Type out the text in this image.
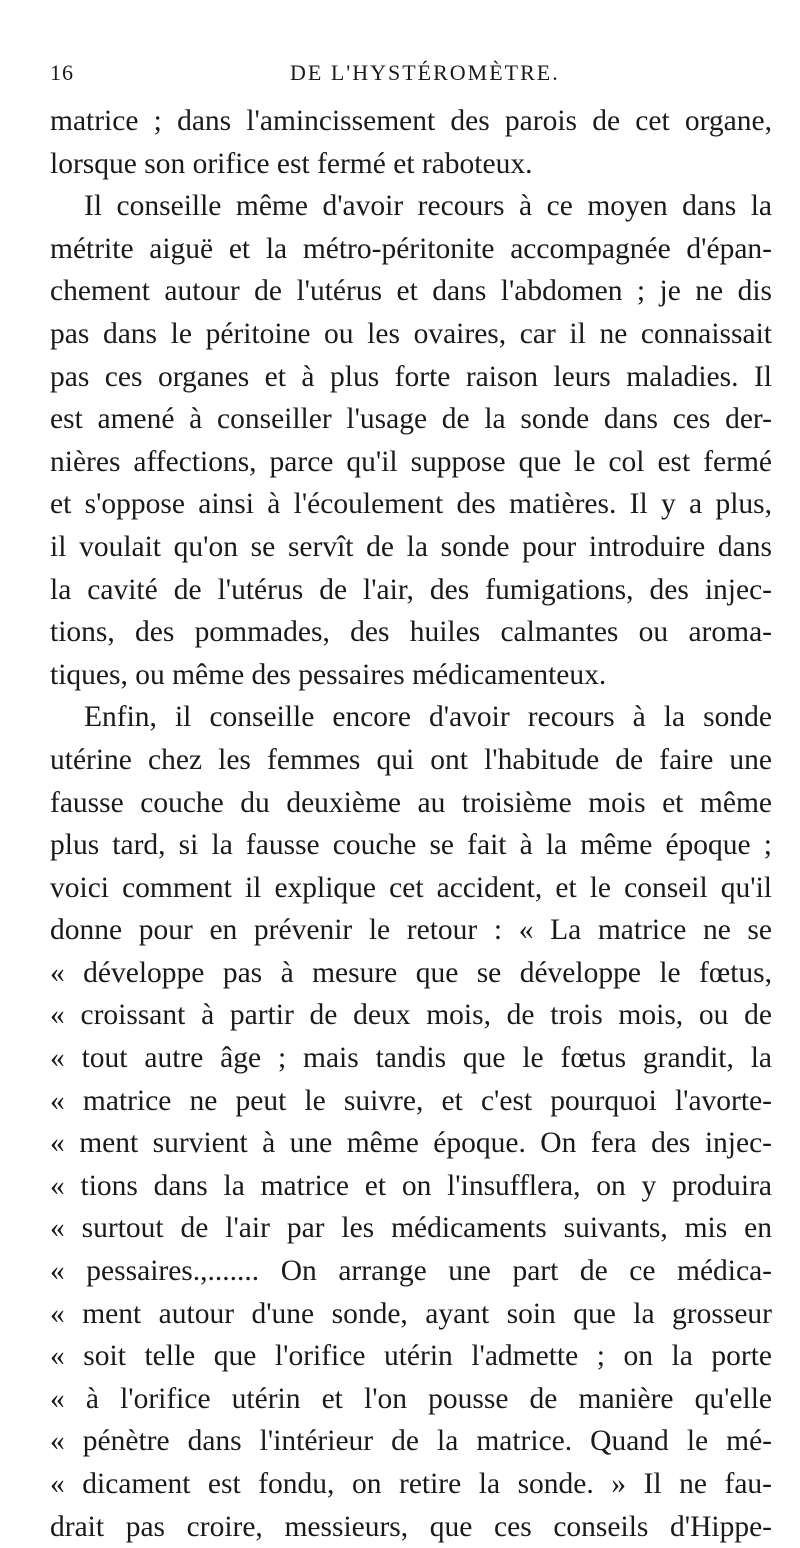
16	DE L'HYSTÉROMÈTRE.
matrice ; dans l'amincissement des parois de cet organe,
lorsque son orifice est fermé et raboteux.
Il conseille même d'avoir recours à ce moyen dans la
métrite aiguë et la métro-péritonite accompagnée d'épan-
chement autour de l'utérus et dans l'abdomen ; je ne dis
pas dans le péritoine ou les ovaires, car il ne connaissait
pas ces organes et à plus forte raison leurs maladies. Il
est amené à conseiller l'usage de la sonde dans ces der-
nières affections, parce qu'il suppose que le col est fermé
et s'oppose ainsi à l'écoulement des matières. Il y a plus,
il voulait qu'on se servît de la sonde pour introduire dans
la cavité de l'utérus de l'air, des fumigations, des injec-
tions, des pommades, des huiles calmantes ou aroma-
tiques, ou même des pessaires médicamenteux.
Enfin, il conseille encore d'avoir recours à la sonde
utérine chez les femmes qui ont l'habitude de faire une
fausse couche du deuxième au troisième mois et même
plus tard, si la fausse couche se fait à la même époque ;
voici comment il explique cet accident, et le conseil qu'il
donne pour en prévenir le retour : « La matrice ne se
« développe pas à mesure que se développe le fœtus,
« croissant à partir de deux mois, de trois mois, ou de
« tout autre âge ; mais tandis que le fœtus grandit, la
« matrice ne peut le suivre, et c'est pourquoi l'avorte-
« ment survient à une même époque. On fera des injec-
« tions dans la matrice et on l'insufflera, on y produira
« surtout de l'air par les médicaments suivants, mis en
« pessaires.,....... On arrange une part de ce médica-
« ment autour d'une sonde, ayant soin que la grosseur
« soit telle que l'orifice utérin l'admette ; on la porte
« à l'orifice utérin et l'on pousse de manière qu'elle
« pénètre dans l'intérieur de la matrice. Quand le mé-
« dicament est fondu, on retire la sonde. » Il ne fau-
drait pas croire, messieurs, que ces conseils d'Hippe-
